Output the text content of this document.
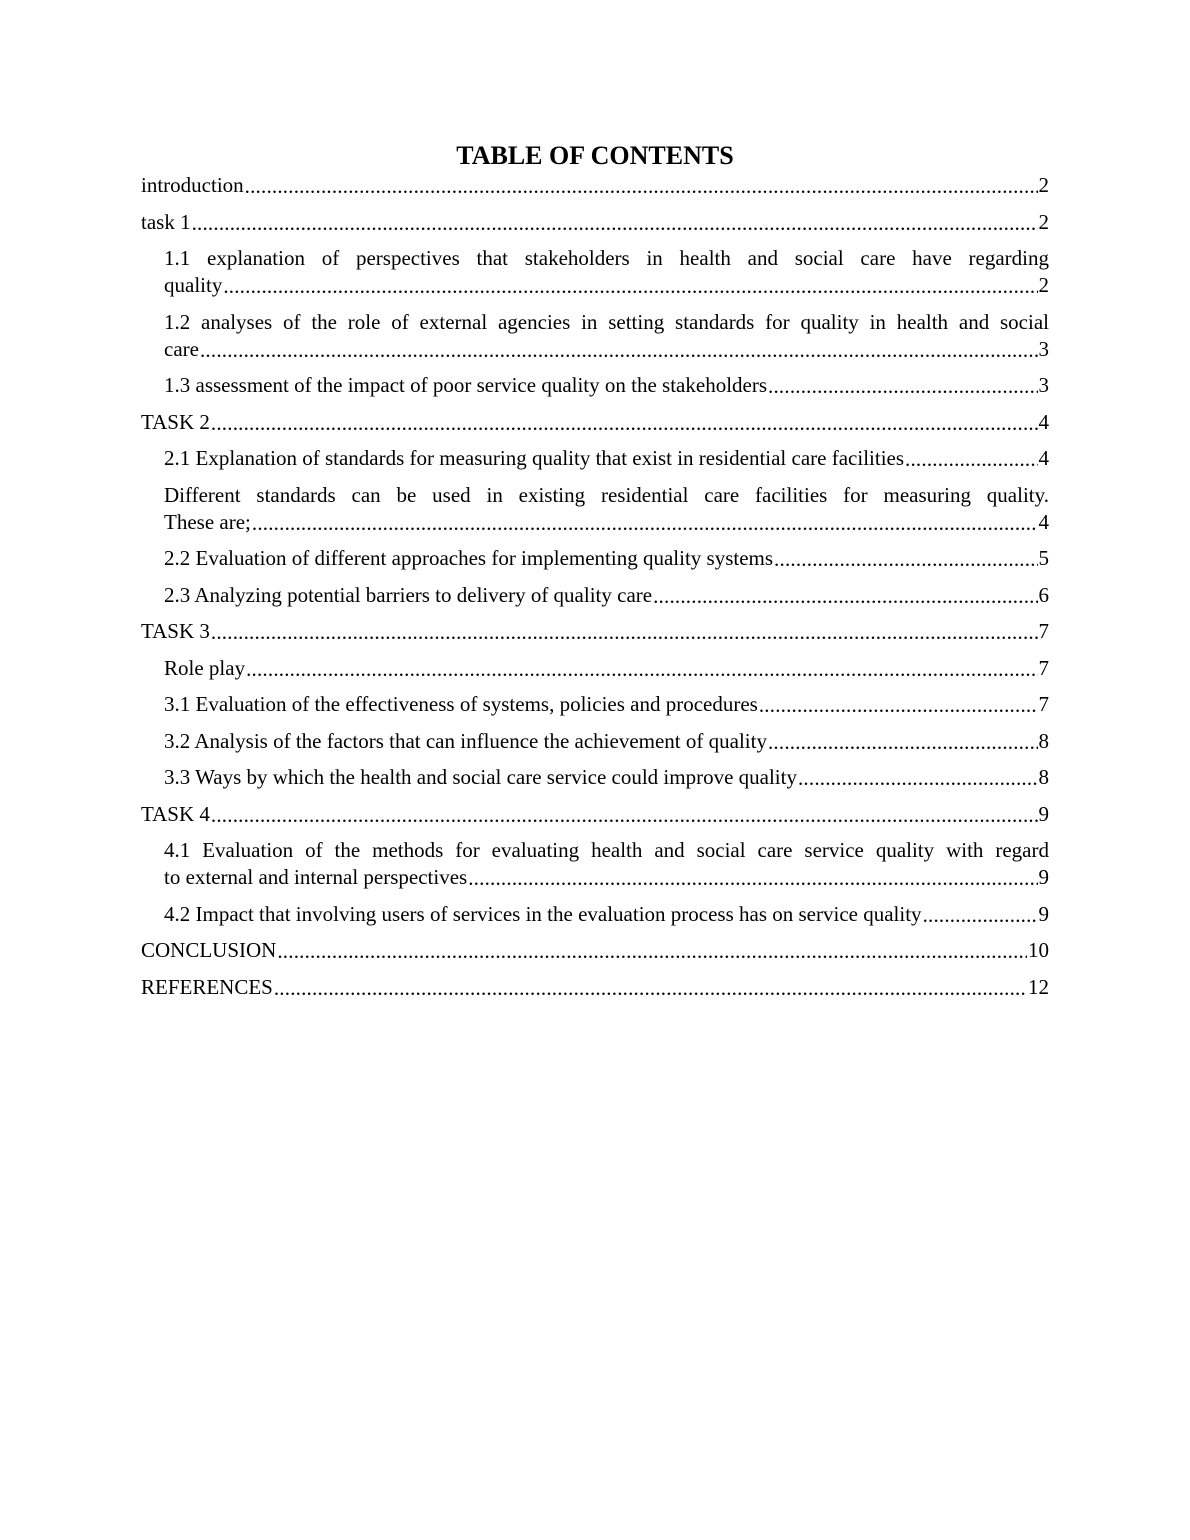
TABLE OF CONTENTS
introduction .....	2
task 1 .....	2
1.1 explanation of perspectives that stakeholders in health and social care have regarding
quality .....	2
1.2 analyses of the role of external agencies in setting standards for quality in health and social
care .....	3
1.3 assessment of the impact of poor service quality on the stakeholders .....	3
TASK 2 .....	4
2.1 Explanation of standards for measuring quality that exist in residential care facilities .....	4
Different standards can be used in existing residential care facilities for measuring quality.
These are; .....	4
2.2 Evaluation of different approaches for implementing quality systems .....	5
2.3 Analyzing potential barriers to delivery of quality care .....	6
TASK 3 .....	7
Role play .....	7
3.1 Evaluation of the effectiveness of systems, policies and procedures .....	7
3.2 Analysis of the factors that can influence the achievement of quality .....	8
3.3 Ways by which the health and social care service could improve quality .....	8
TASK 4 .....	9
4.1 Evaluation of the methods for evaluating health and social care service quality with regard
to external and internal perspectives .....	9
4.2 Impact that involving users of services in the evaluation process has on service quality .....	9
CONCLUSION .....	10
REFERENCES .....	12
